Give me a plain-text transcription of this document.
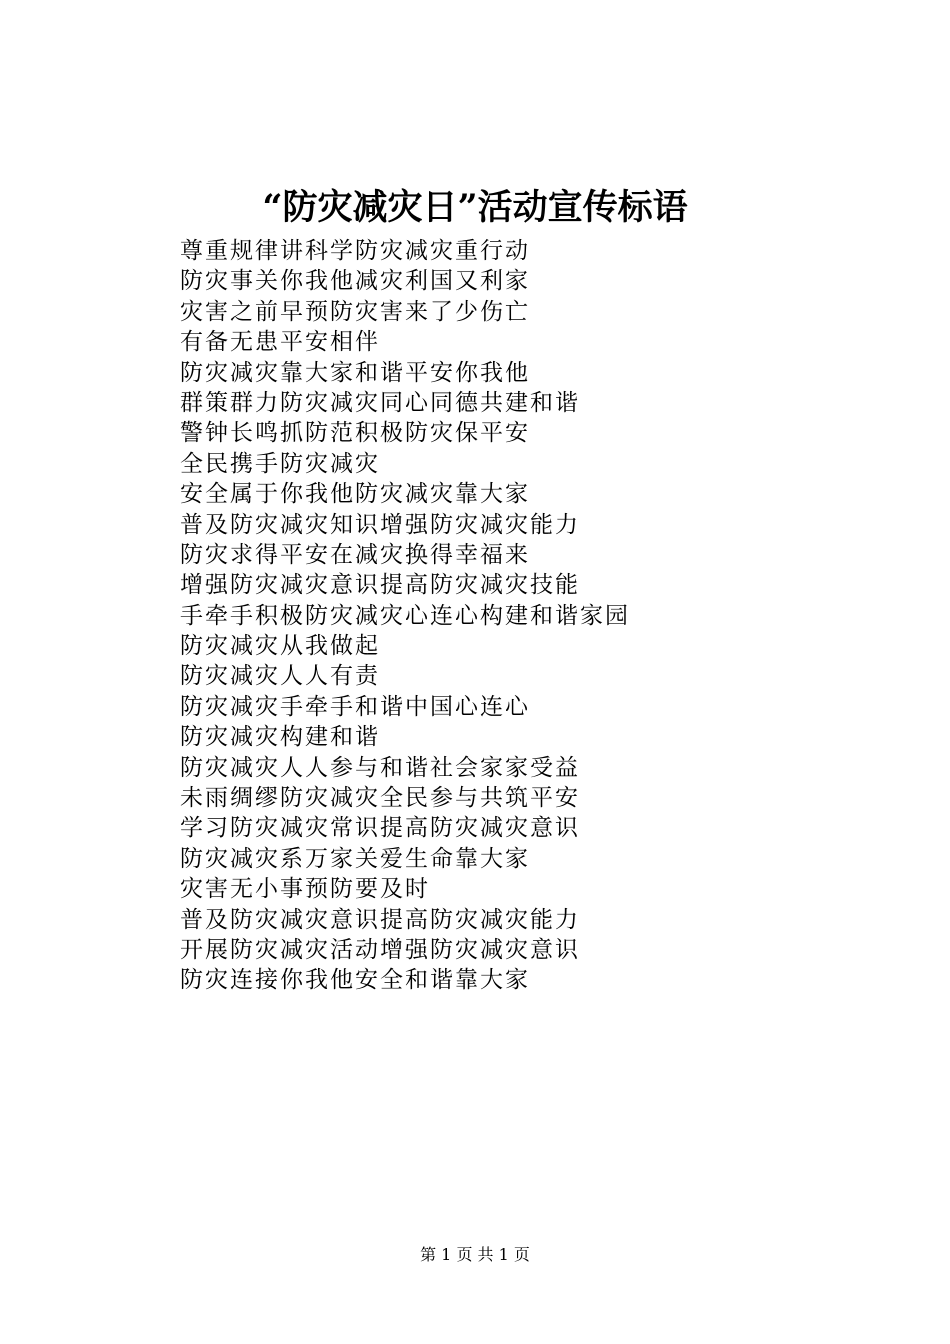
“防灾减灾日”活动宣传标语
尊重规律讲科学防灾减灾重行动
防灾事关你我他减灾利国又利家
灾害之前早预防灾害来了少伤亡
有备无患平安相伴
防灾减灾靠大家和谐平安你我他
群策群力防灾减灾同心同德共建和谐
警钟长鸣抓防范积极防灾保平安
全民携手防灾减灾
安全属于你我他防灾减灾靠大家
普及防灾减灾知识增强防灾减灾能力
防灾求得平安在减灾换得幸福来
增强防灾减灾意识提高防灾减灾技能
手牵手积极防灾减灾心连心构建和谐家园
防灾减灾从我做起
防灾减灾人人有责
防灾减灾手牵手和谐中国心连心
防灾减灾构建和谐
防灾减灾人人参与和谐社会家家受益
未雨绸缪防灾减灾全民参与共筑平安
学习防灾减灾常识提高防灾减灾意识
防灾减灾系万家关爱生命靠大家
灾害无小事预防要及时
普及防灾减灾意识提高防灾减灾能力
开展防灾减灾活动增强防灾减灾意识
防灾连接你我他安全和谐靠大家
第 1 页 共 1 页
